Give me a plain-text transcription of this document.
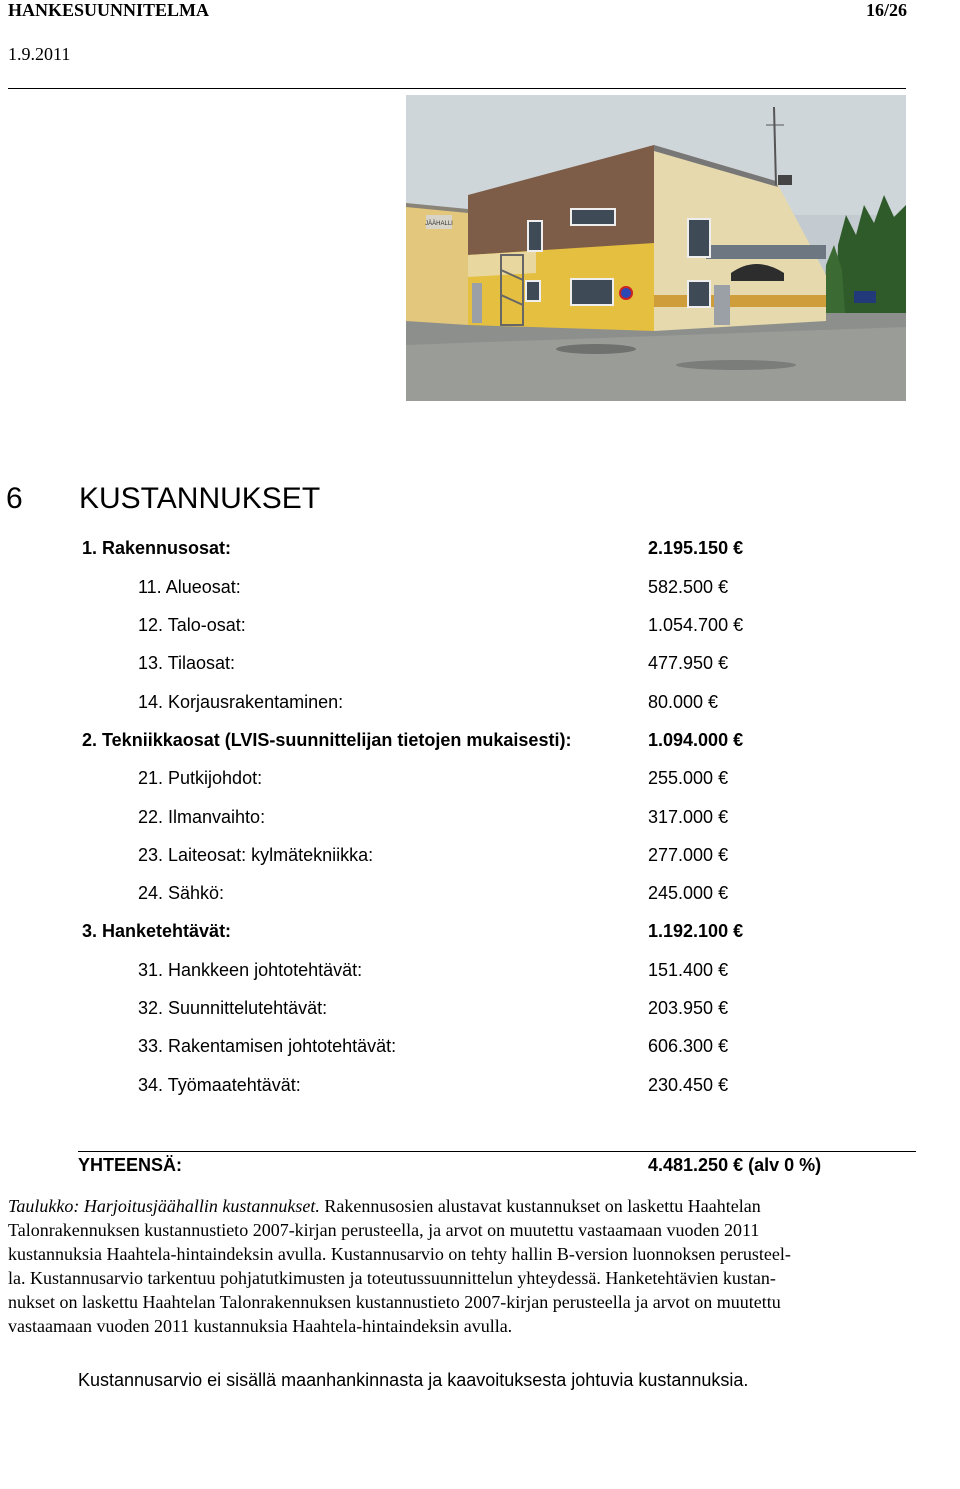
HANKESUUNNITELMA	16/26
1.9.2011
JÄÄHALLI
6 KUSTANNUKSET
1. Rakennusosat:	2.195.150 €
11. Alueosat:	582.500 €
12. Talo-osat:	1.054.700 €
13. Tilaosat:	477.950 €
14. Korjausrakentaminen:	80.000 €
2. Tekniikkaosat (LVIS-suunnittelijan tietojen mukaisesti):	1.094.000 €
21. Putkijohdot:	255.000 €
22. Ilmanvaihto:	317.000 €
23. Laiteosat: kylmätekniikka:	277.000 €
24. Sähkö:	245.000 €
3. Hanketehtävät:	1.192.100 €
31. Hankkeen johtotehtävät:	151.400 €
32. Suunnittelutehtävät:	203.950 €
33. Rakentamisen johtotehtävät:	606.300 €
34. Työmaatehtävät:	230.450 €
YHTEENSÄ:	4.481.250 € (alv 0 %)
Taulukko: Harjoitusjäähallin kustannukset. Rakennusosien alustavat kustannukset on laskettu Haahtelan
Talonrakennuksen kustannustieto 2007-kirjan perusteella, ja arvot on muutettu vastaamaan vuoden 2011
kustannuksia Haahtela-hintaindeksin avulla. Kustannusarvio on tehty hallin B-version luonnoksen perusteel-
la. Kustannusarvio tarkentuu pohjatutkimusten ja toteutussuunnittelun yhteydessä. Hanketehtävien kustan-
nukset on laskettu Haahtelan Talonrakennuksen kustannustieto 2007-kirjan perusteella ja arvot on muutettu
vastaamaan vuoden 2011 kustannuksia Haahtela-hintaindeksin avulla.
Kustannusarvio ei sisällä maanhankinnasta ja kaavoituksesta johtuvia kustannuksia.
